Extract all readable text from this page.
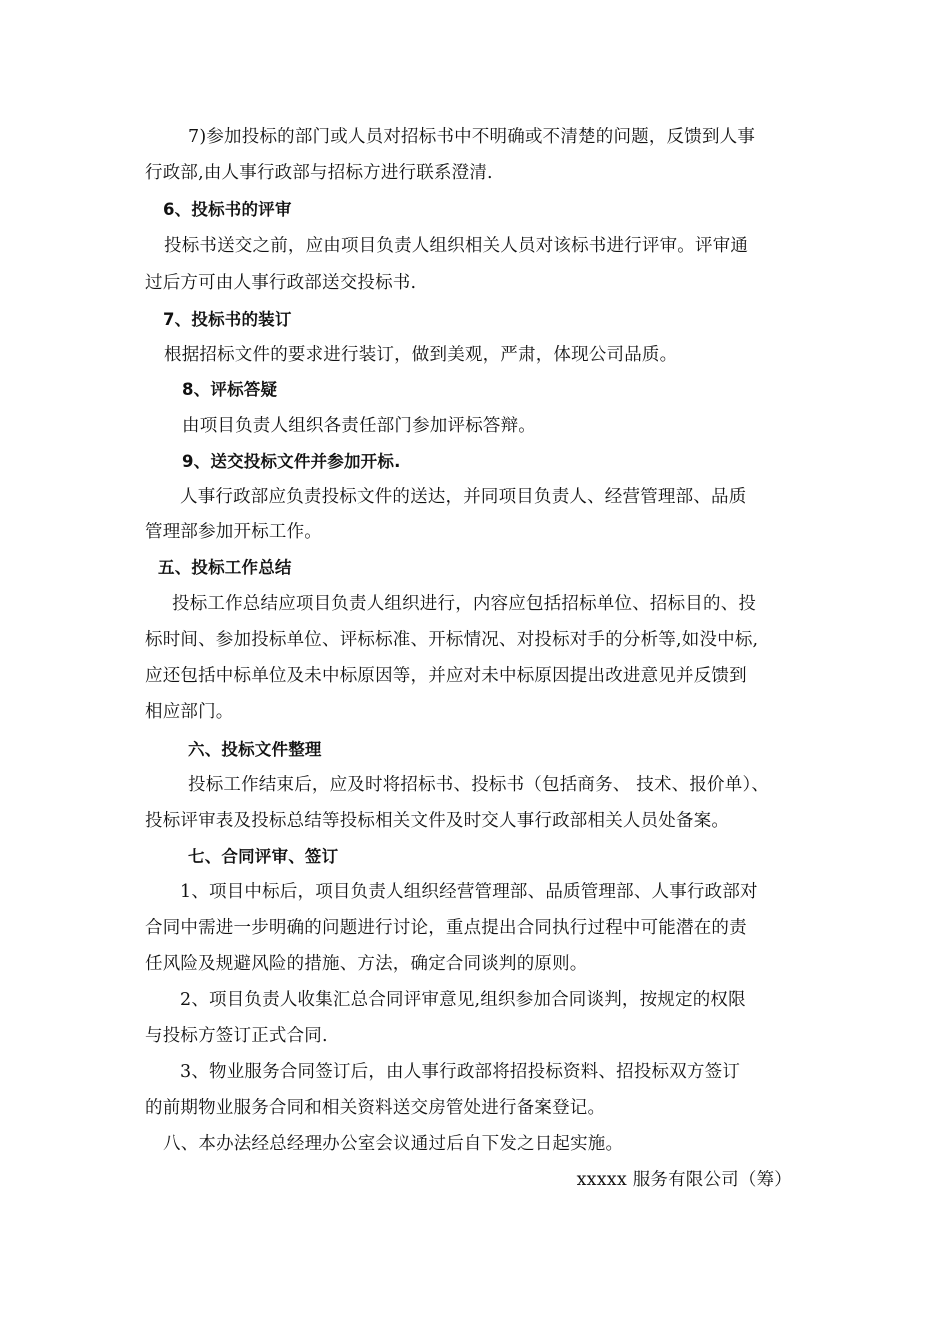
7)参加投标的部门或人员对招标书中不明确或不清楚的问题，反馈到人事
行政部,由人事行政部与招标方进行联系澄清.
6、投标书的评审
投标书送交之前，应由项目负责人组织相关人员对该标书进行评审。评审通
过后方可由人事行政部送交投标书.
7、投标书的装订
根据招标文件的要求进行装订，做到美观，严肃，体现公司品质。
8、评标答疑
由项目负责人组织各责任部门参加评标答辩。
9、送交投标文件并参加开标.
人事行政部应负责投标文件的送达，并同项目负责人、经营管理部、品质
管理部参加开标工作。
五、投标工作总结
投标工作总结应项目负责人组织进行，内容应包括招标单位、招标目的、投
标时间、参加投标单位、评标标准、开标情况、对投标对手的分析等,如没中标,
应还包括中标单位及未中标原因等，并应对未中标原因提出改进意见并反馈到
相应部门。
六、投标文件整理
投标工作结束后，应及时将招标书、投标书（包括商务、 技术、报价单）、
投标评审表及投标总结等投标相关文件及时交人事行政部相关人员处备案。
七、合同评审、签订
1、项目中标后，项目负责人组织经营管理部、品质管理部、人事行政部对
合同中需进一步明确的问题进行讨论，重点提出合同执行过程中可能潜在的责
任风险及规避风险的措施、方法，确定合同谈判的原则。
2、项目负责人收集汇总合同评审意见,组织参加合同谈判，按规定的权限
与投标方签订正式合同.
3、物业服务合同签订后，由人事行政部将招投标资料、招投标双方签订
的前期物业服务合同和相关资料送交房管处进行备案登记。
八、本办法经总经理办公室会议通过后自下发之日起实施。
xxxxx 服务有限公司（筹）
